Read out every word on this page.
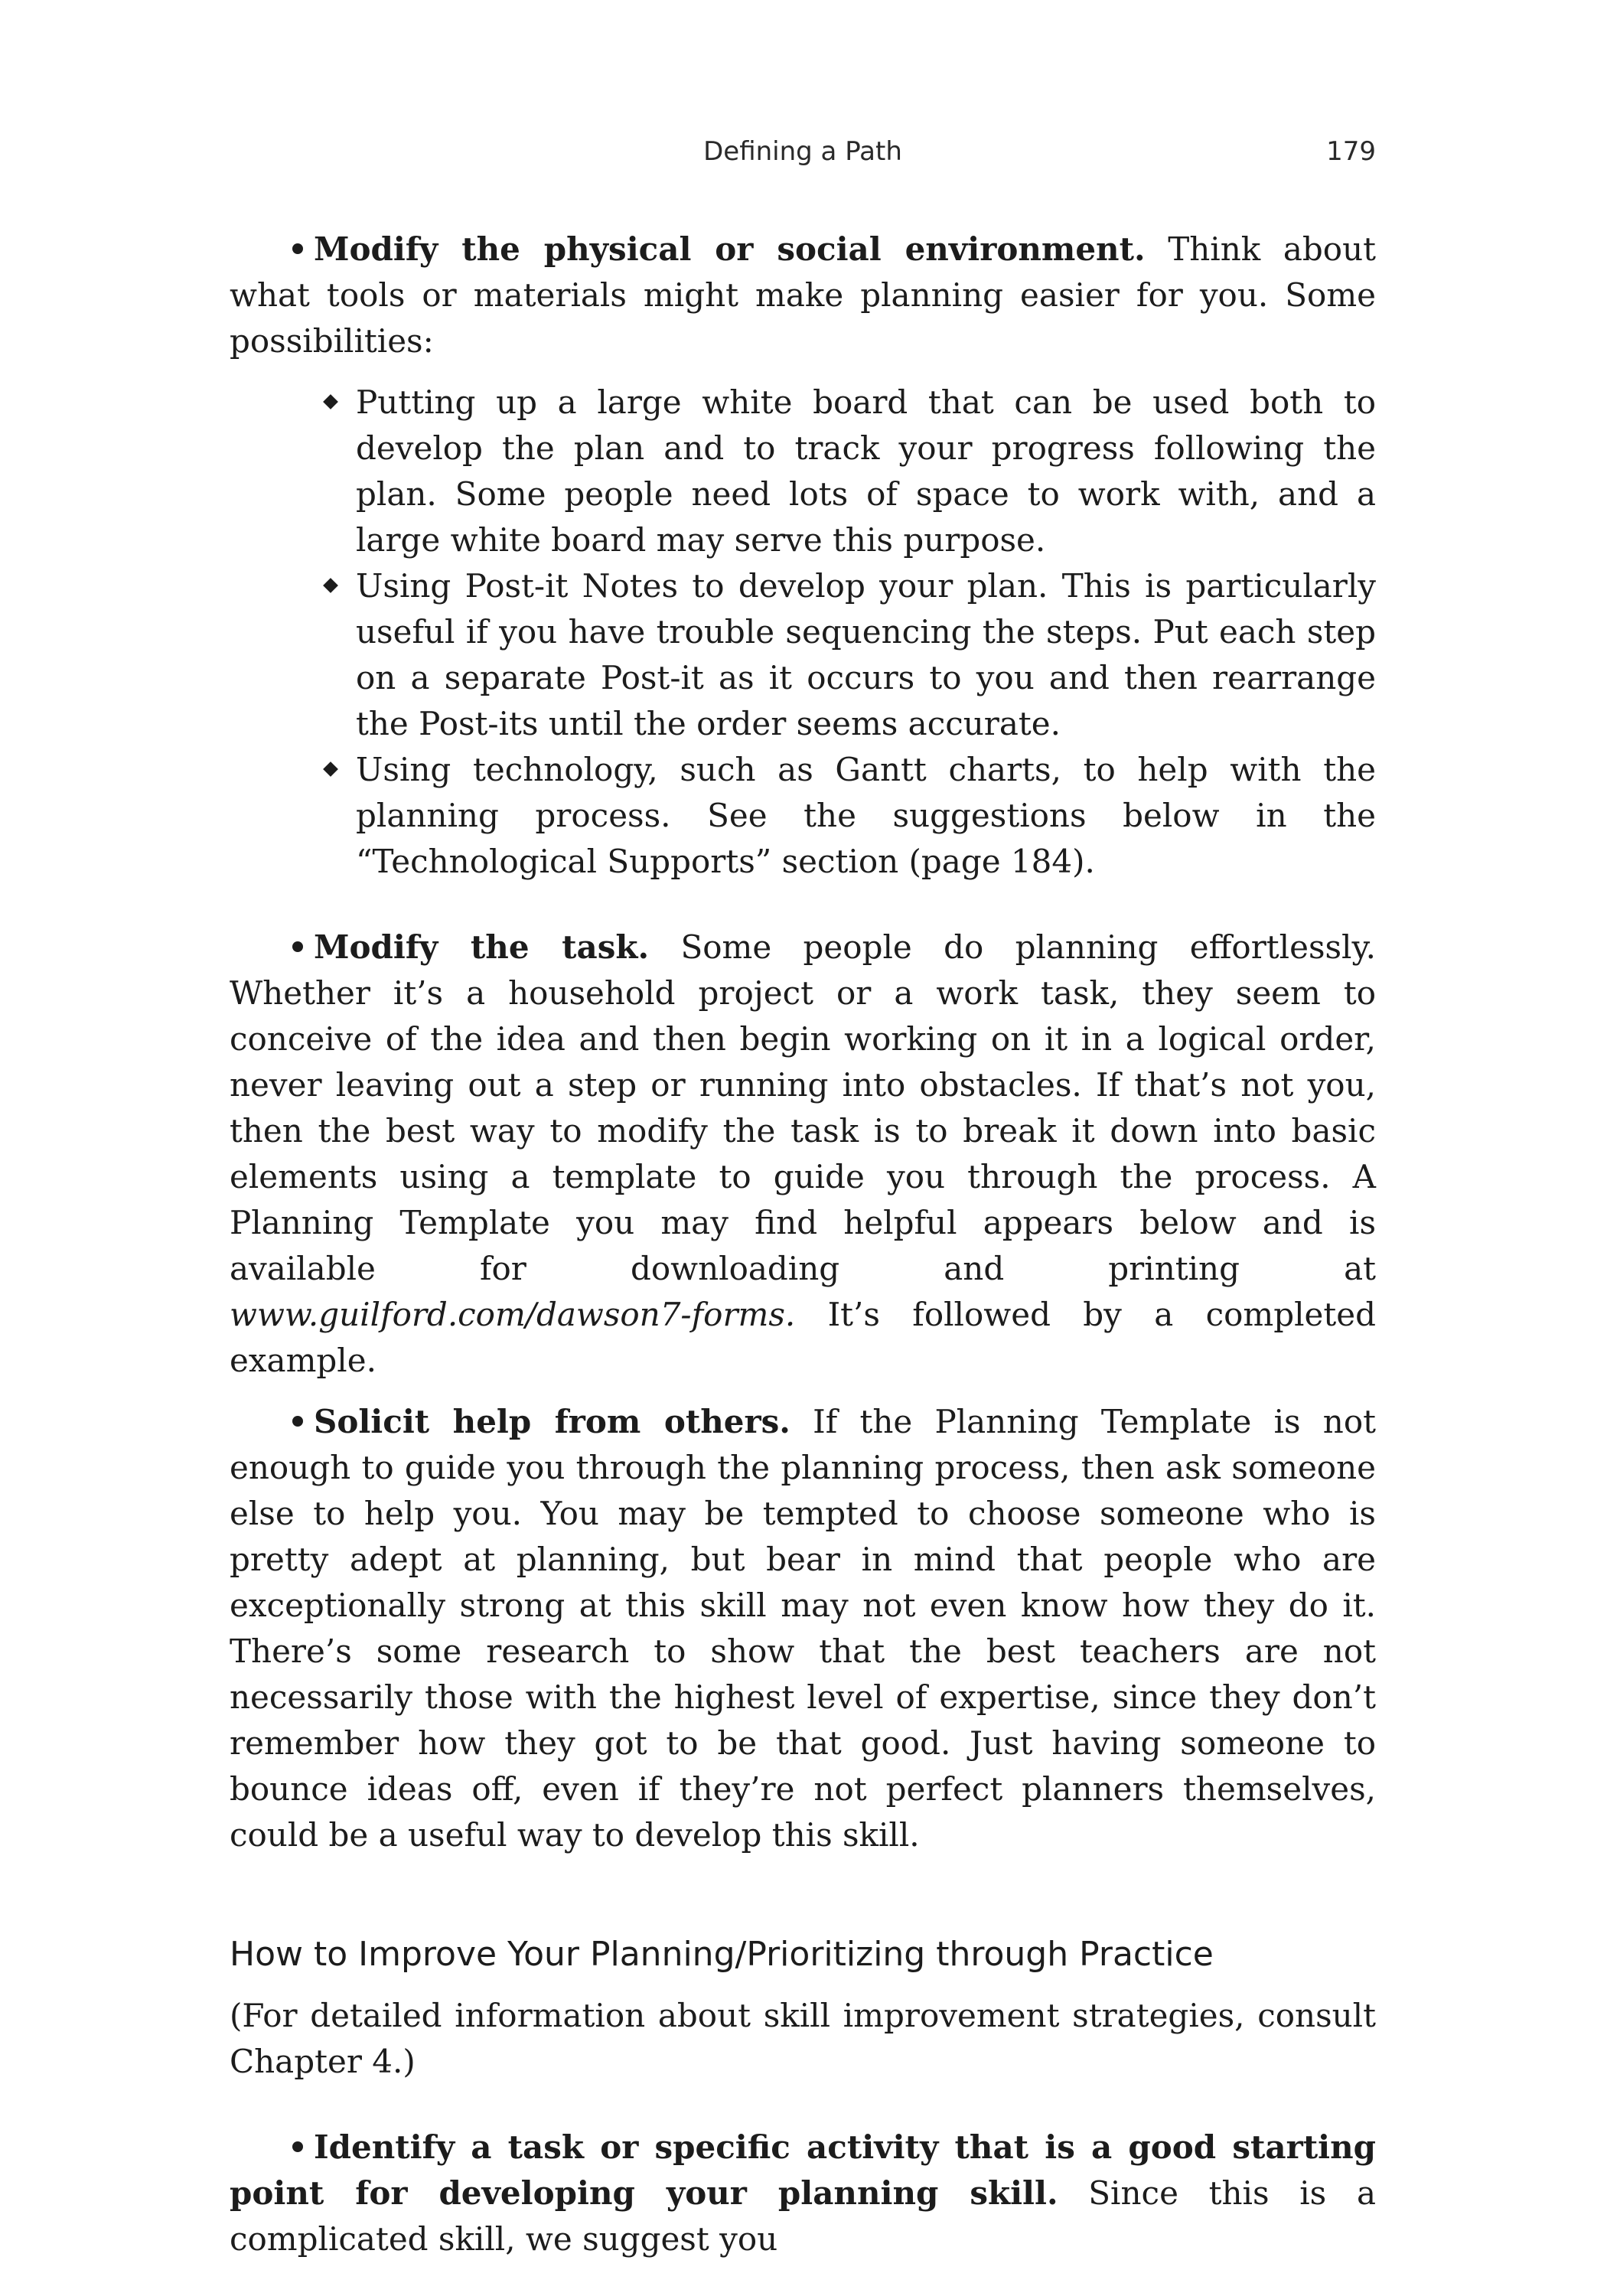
Defining a Path	179

Modify the physical or social environment. Think about what tools or materials might make planning easier for you. Some possibilities:

Putting up a large white board that can be used both to develop the plan and to track your progress following the plan. Some people need lots of space to work with, and a large white board may serve this purpose.
Using Post-it Notes to develop your plan. This is particularly useful if you have trouble sequencing the steps. Put each step on a separate Post-it as it occurs to you and then rearrange the Post-its until the order seems accurate.
Using technology, such as Gantt charts, to help with the planning process. See the suggestions below in the “Technological Supports” section (page 184).

Modify the task. Some people do planning effortlessly. Whether it’s a household project or a work task, they seem to conceive of the idea and then begin working on it in a logical order, never leaving out a step or running into obstacles. If that’s not you, then the best way to modify the task is to break it down into basic elements using a template to guide you through the process. A Planning Template you may find helpful appears below and is available for downloading and printing at www.guilford.com/dawson7-forms. It’s followed by a completed example.

Solicit help from others. If the Planning Template is not enough to guide you through the planning process, then ask someone else to help you. You may be tempted to choose someone who is pretty adept at planning, but bear in mind that people who are exceptionally strong at this skill may not even know how they do it. There’s some research to show that the best teachers are not necessarily those with the highest level of expertise, since they don’t remember how they got to be that good. Just having someone to bounce ideas off, even if they’re not perfect planners themselves, could be a useful way to develop this skill.

How to Improve Your Planning/Prioritizing through Practice

(For detailed information about skill improvement strategies, consult Chapter 4.)

Identify a task or specific activity that is a good starting point for developing your planning skill. Since this is a complicated skill, we suggest you
